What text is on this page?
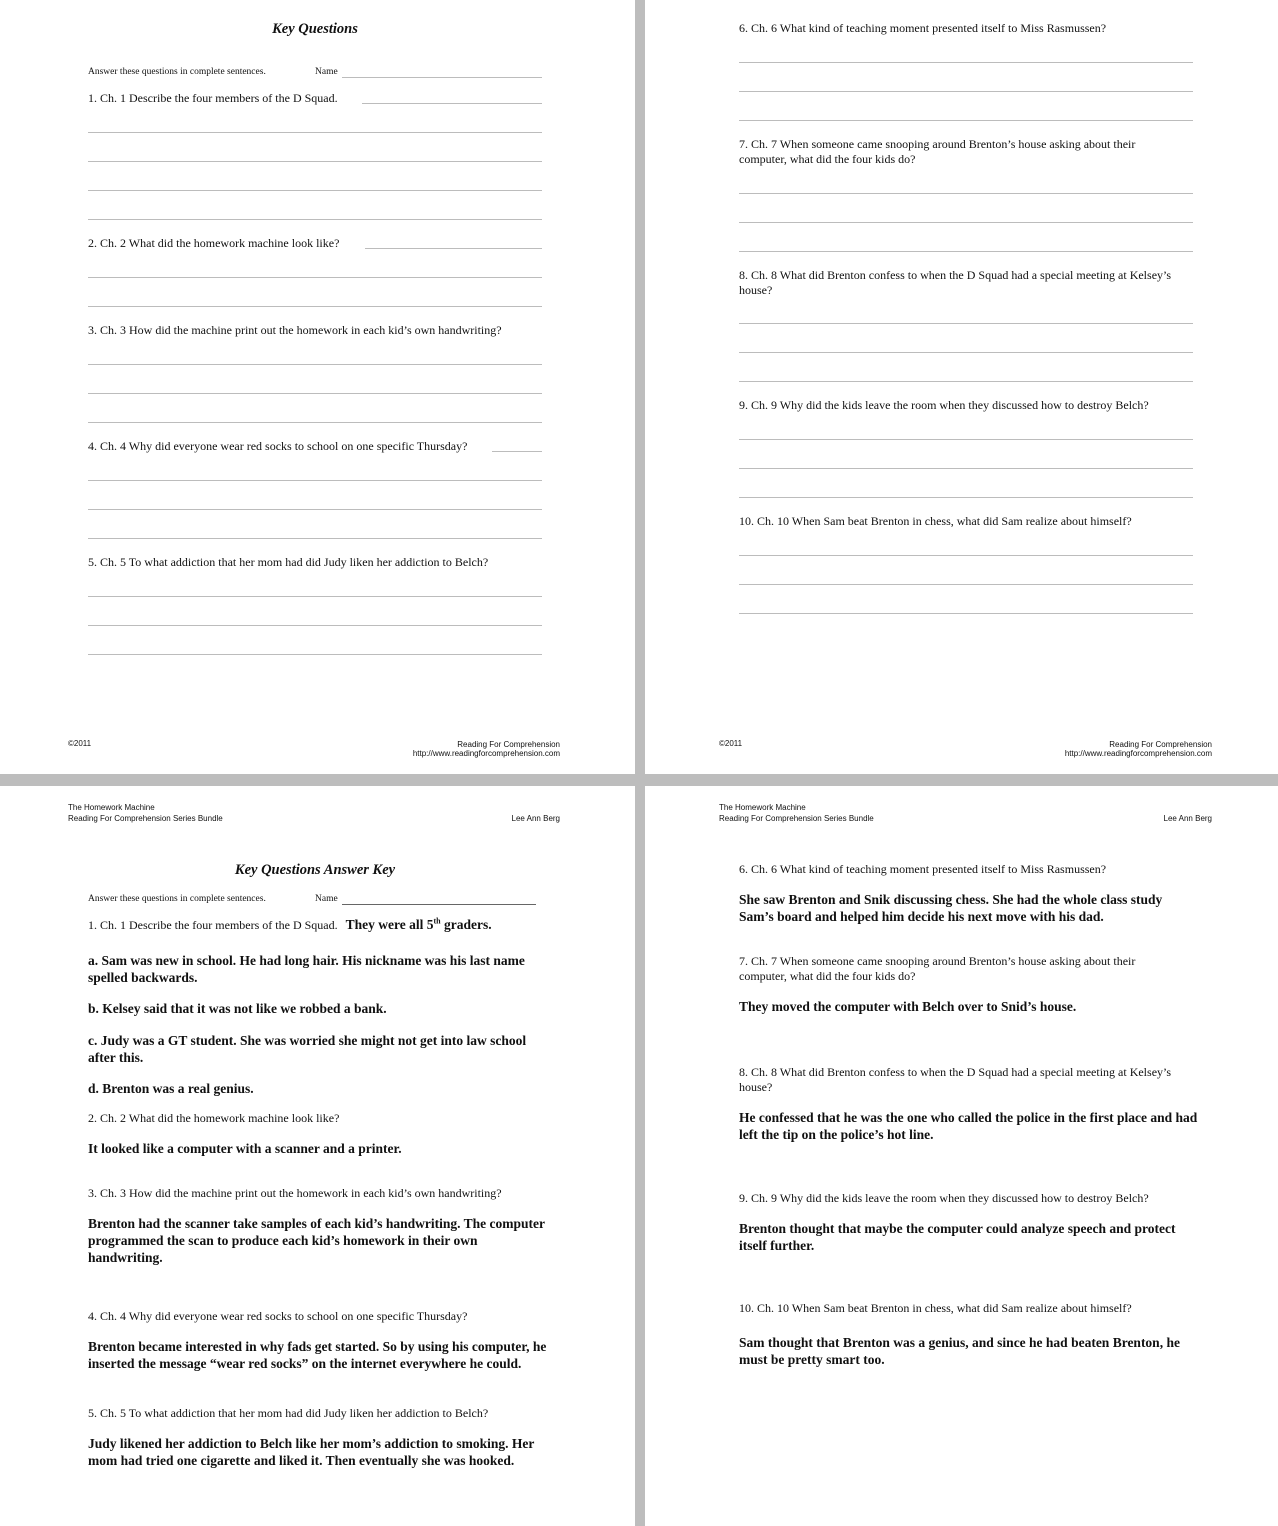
Key Questions
Answer these questions in complete sentences.	Name
1. Ch. 1 Describe the four members of the D Squad.
2. Ch. 2 What did the homework machine look like?
3. Ch. 3 How did the machine print out the homework in each kid’s own handwriting?
4. Ch. 4 Why did everyone wear red socks to school on one specific Thursday?
5. Ch. 5 To what addiction that her mom had did Judy liken her addiction to Belch?
©2011	Reading For Comprehension
http://www.readingforcomprehension.com
6. Ch. 6 What kind of teaching moment presented itself to Miss Rasmussen?
7. Ch. 7 When someone came snooping around Brenton’s house asking about their computer, what did the four kids do?
8. Ch. 8 What did Brenton confess to when the D Squad had a special meeting at Kelsey’s house?
9. Ch. 9 Why did the kids leave the room when they discussed how to destroy Belch?
10. Ch. 10 When Sam beat Brenton in chess, what did Sam realize about himself?
©2011	Reading For Comprehension
http://www.readingforcomprehension.com
The Homework Machine
Reading For Comprehension Series Bundle	Lee Ann Berg
Key Questions Answer Key
Answer these questions in complete sentences.	Name
1. Ch. 1 Describe the four members of the D Squad. They were all 5th graders.
a. Sam was new in school. He had long hair. His nickname was his last name spelled backwards.
b. Kelsey said that it was not like we robbed a bank.
c. Judy was a GT student. She was worried she might not get into law school after this.
d. Brenton was a real genius.
2. Ch. 2 What did the homework machine look like?
It looked like a computer with a scanner and a printer.
3. Ch. 3 How did the machine print out the homework in each kid’s own handwriting?
Brenton had the scanner take samples of each kid’s handwriting. The computer programmed the scan to produce each kid’s homework in their own handwriting.
4. Ch. 4 Why did everyone wear red socks to school on one specific Thursday?
Brenton became interested in why fads get started. So by using his computer, he inserted the message “wear red socks” on the internet everywhere he could.
5. Ch. 5 To what addiction that her mom had did Judy liken her addiction to Belch?
Judy likened her addiction to Belch like her mom’s addiction to smoking. Her mom had tried one cigarette and liked it. Then eventually she was hooked.
The Homework Machine
Reading For Comprehension Series Bundle	Lee Ann Berg
6. Ch. 6 What kind of teaching moment presented itself to Miss Rasmussen?
She saw Brenton and Snik discussing chess. She had the whole class study Sam’s board and helped him decide his next move with his dad.
7. Ch. 7 When someone came snooping around Brenton’s house asking about their computer, what did the four kids do?
They moved the computer with Belch over to Snid’s house.
8. Ch. 8 What did Brenton confess to when the D Squad had a special meeting at Kelsey’s house?
He confessed that he was the one who called the police in the first place and had left the tip on the police’s hot line.
9. Ch. 9 Why did the kids leave the room when they discussed how to destroy Belch?
Brenton thought that maybe the computer could analyze speech and protect itself further.
10. Ch. 10 When Sam beat Brenton in chess, what did Sam realize about himself?
Sam thought that Brenton was a genius, and since he had beaten Brenton, he must be pretty smart too.
